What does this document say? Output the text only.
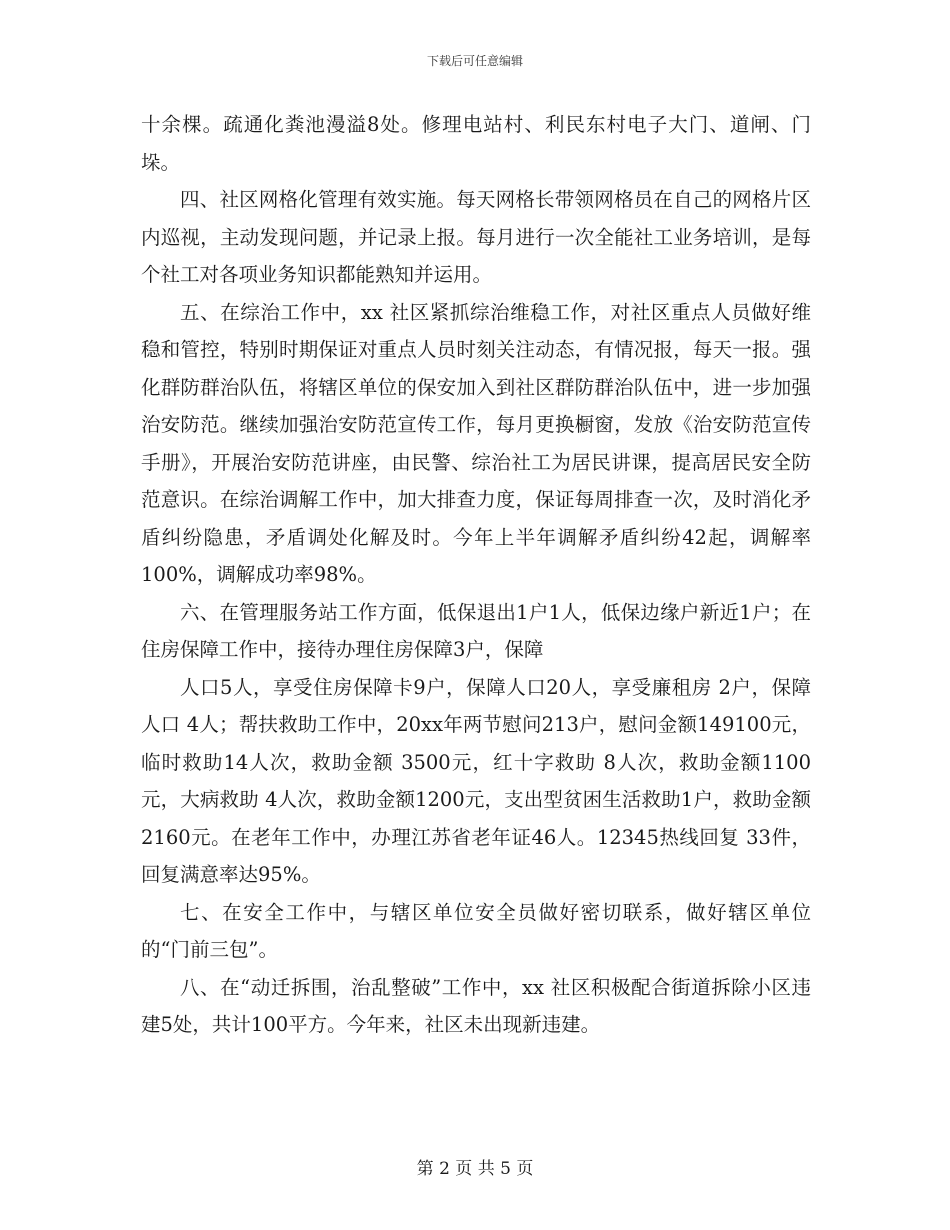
下载后可任意编辑

十余棵。疏通化粪池漫溢8处。修理电站村、利民东村电子大门、道闸、门垛。

四、社区网格化管理有效实施。每天网格长带领网格员在自己的网格片区内巡视，主动发现问题，并记录上报。每月进行一次全能社工业务培训，是每个社工对各项业务知识都能熟知并运用。

五、在综治工作中，xx 社区紧抓综治维稳工作，对社区重点人员做好维稳和管控，特别时期保证对重点人员时刻关注动态，有情况报，每天一报。强化群防群治队伍，将辖区单位的保安加入到社区群防群治队伍中，进一步加强治安防范。继续加强治安防范宣传工作，每月更换橱窗，发放《治安防范宣传手册》，开展治安防范讲座，由民警、综治社工为居民讲课，提高居民安全防范意识。在综治调解工作中，加大排查力度，保证每周排查一次，及时消化矛盾纠纷隐患，矛盾调处化解及时。今年上半年调解矛盾纠纷42起，调解率100%，调解成功率98%。

六、在管理服务站工作方面，低保退出1户1人，低保边缘户新近1户；在住房保障工作中，接待办理住房保障3户，保障

人口5人，享受住房保障卡9户，保障人口20人，享受廉租房 2户，保障人口 4人；帮扶救助工作中，20xx年两节慰问213户，慰问金额149100元，临时救助14人次，救助金额 3500元，红十字救助 8人次，救助金额1100元，大病救助 4人次，救助金额1200元，支出型贫困生活救助1户，救助金额2160元。在老年工作中，办理江苏省老年证46人。12345热线回复 33件，回复满意率达95%。

七、在安全工作中，与辖区单位安全员做好密切联系，做好辖区单位的“门前三包”。

八、在“动迁拆围，治乱整破”工作中，xx 社区积极配合街道拆除小区违建5处，共计100平方。今年来，社区未出现新违建。

第 2 页 共 5 页
